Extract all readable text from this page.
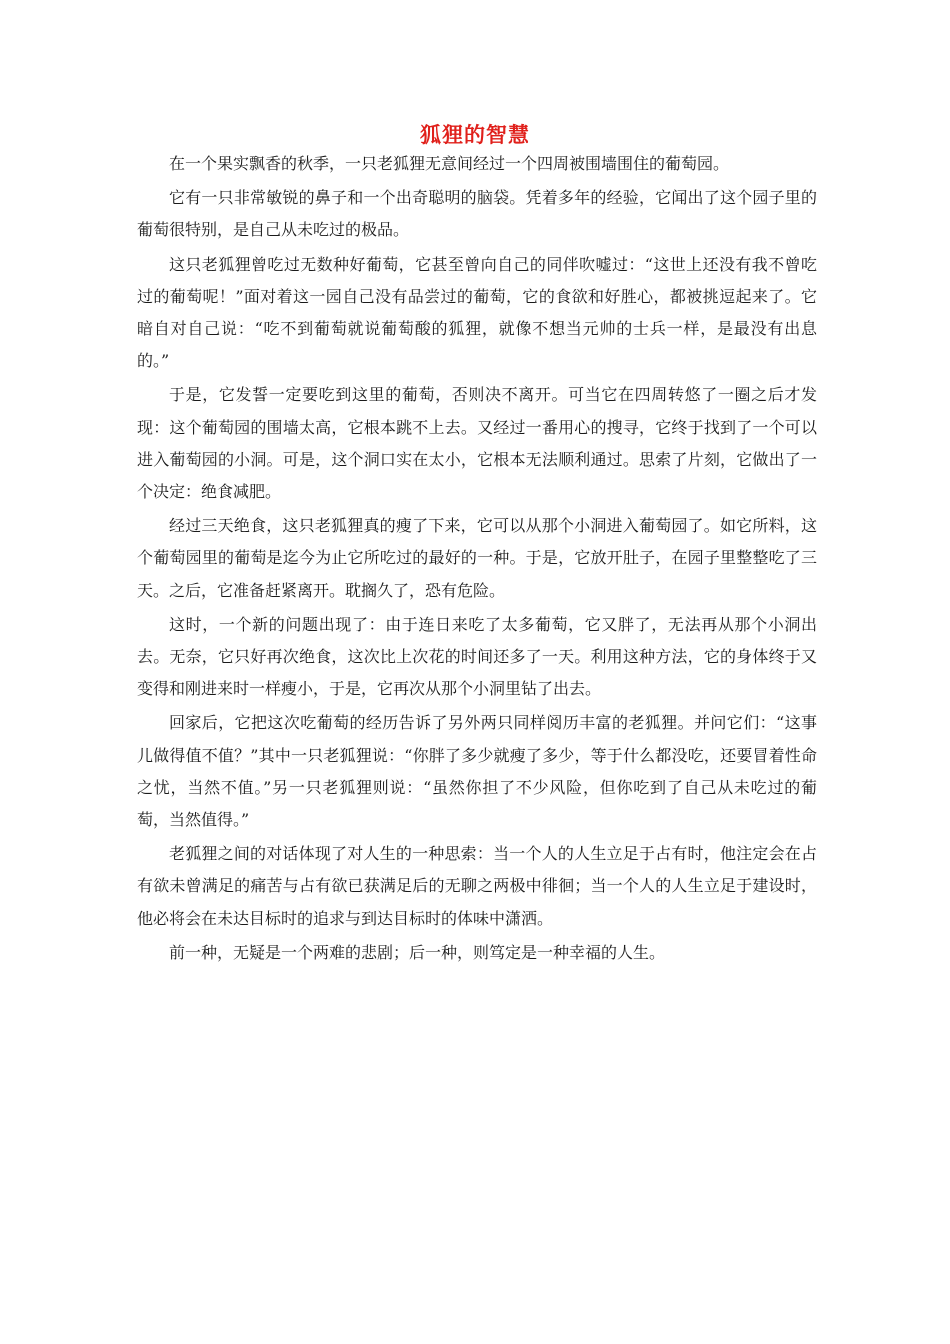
狐狸的智慧

在一个果实飘香的秋季，一只老狐狸无意间经过一个四周被围墙围住的葡萄园。

它有一只非常敏锐的鼻子和一个出奇聪明的脑袋。凭着多年的经验，它闻出了这个园子里的葡萄很特别，是自己从未吃过的极品。

这只老狐狸曾吃过无数种好葡萄，它甚至曾向自己的同伴吹嘘过：“这世上还没有我不曾吃过的葡萄呢！”面对着这一园自己没有品尝过的葡萄，它的食欲和好胜心，都被挑逗起来了。它暗自对自己说：“吃不到葡萄就说葡萄酸的狐狸，就像不想当元帅的士兵一样，是最没有出息的。”

于是，它发誓一定要吃到这里的葡萄，否则决不离开。可当它在四周转悠了一圈之后才发现：这个葡萄园的围墙太高，它根本跳不上去。又经过一番用心的搜寻，它终于找到了一个可以进入葡萄园的小洞。可是，这个洞口实在太小，它根本无法顺利通过。思索了片刻，它做出了一个决定：绝食减肥。

经过三天绝食，这只老狐狸真的瘦了下来，它可以从那个小洞进入葡萄园了。如它所料，这个葡萄园里的葡萄是迄今为止它所吃过的最好的一种。于是，它放开肚子，在园子里整整吃了三天。之后，它准备赶紧离开。耽搁久了，恐有危险。

这时，一个新的问题出现了：由于连日来吃了太多葡萄，它又胖了，无法再从那个小洞出去。无奈，它只好再次绝食，这次比上次花的时间还多了一天。利用这种方法，它的身体终于又变得和刚进来时一样瘦小，于是，它再次从那个小洞里钻了出去。

回家后，它把这次吃葡萄的经历告诉了另外两只同样阅历丰富的老狐狸。并问它们：“这事儿做得值不值？”其中一只老狐狸说：“你胖了多少就瘦了多少，等于什么都没吃，还要冒着性命之忧，当然不值。”另一只老狐狸则说：“虽然你担了不少风险，但你吃到了自己从未吃过的葡萄，当然值得。”

老狐狸之间的对话体现了对人生的一种思索：当一个人的人生立足于占有时，他注定会在占有欲未曾满足的痛苦与占有欲已获满足后的无聊之两极中徘徊；当一个人的人生立足于建设时，他必将会在未达目标时的追求与到达目标时的体味中潇洒。

前一种，无疑是一个两难的悲剧；后一种，则笃定是一种幸福的人生。
